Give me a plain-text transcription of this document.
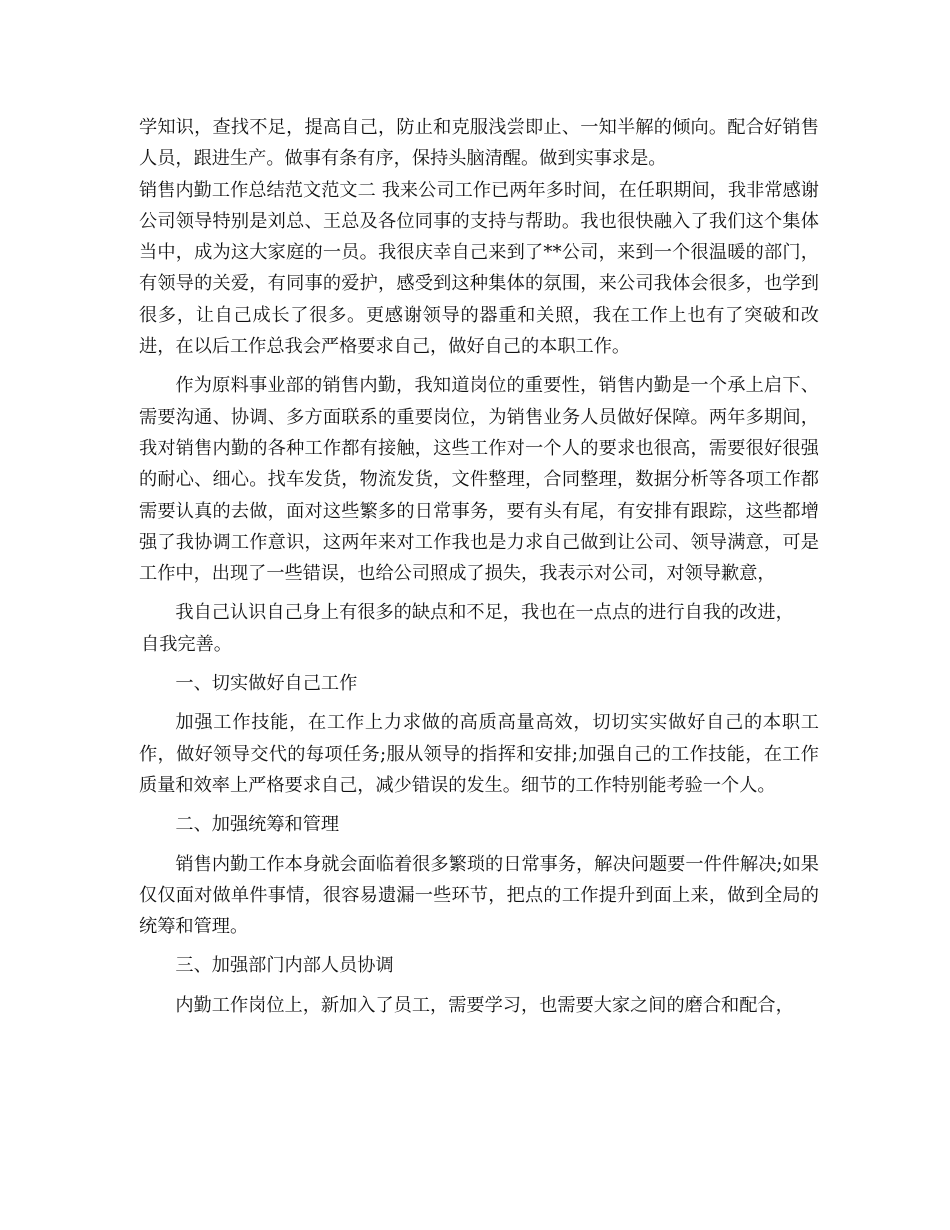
学知识，查找不足，提高自己，防止和克服浅尝即止、一知半解的倾向。配合好销售人员，跟进生产。做事有条有序，保持头脑清醒。做到实事求是。

销售内勤工作总结范文范文二 我来公司工作已两年多时间，在任职期间，我非常感谢公司领导特别是刘总、王总及各位同事的支持与帮助。我也很快融入了我们这个集体当中，成为这大家庭的一员。我很庆幸自己来到了**公司，来到一个很温暖的部门，有领导的关爱，有同事的爱护，感受到这种集体的氛围，来公司我体会很多，也学到很多，让自己成长了很多。更感谢领导的器重和关照，我在工作上也有了突破和改进，在以后工作总我会严格要求自己，做好自己的本职工作。

作为原料事业部的销售内勤，我知道岗位的重要性，销售内勤是一个承上启下、需要沟通、协调、多方面联系的重要岗位，为销售业务人员做好保障。两年多期间，我对销售内勤的各种工作都有接触，这些工作对一个人的要求也很高，需要很好很强的耐心、细心。找车发货，物流发货，文件整理，合同整理，数据分析等各项工作都需要认真的去做，面对这些繁多的日常事务，要有头有尾，有安排有跟踪，这些都增强了我协调工作意识，这两年来对工作我也是力求自己做到让公司、领导满意，可是工作中，出现了一些错误，也给公司照成了损失，我表示对公司，对领导歉意，

我自己认识自己身上有很多的缺点和不足，我也在一点点的进行自我的改进，

自我完善。

一、切实做好自己工作

加强工作技能，在工作上力求做的高质高量高效，切切实实做好自己的本职工作，做好领导交代的每项任务;服从领导的指挥和安排;加强自己的工作技能，在工作质量和效率上严格要求自己，减少错误的发生。细节的工作特别能考验一个人。

二、加强统筹和管理

销售内勤工作本身就会面临着很多繁琐的日常事务，解决问题要一件件解决;如果仅仅面对做单件事情，很容易遗漏一些环节，把点的工作提升到面上来，做到全局的统筹和管理。

三、加强部门内部人员协调

内勤工作岗位上，新加入了员工，需要学习，也需要大家之间的磨合和配合，
